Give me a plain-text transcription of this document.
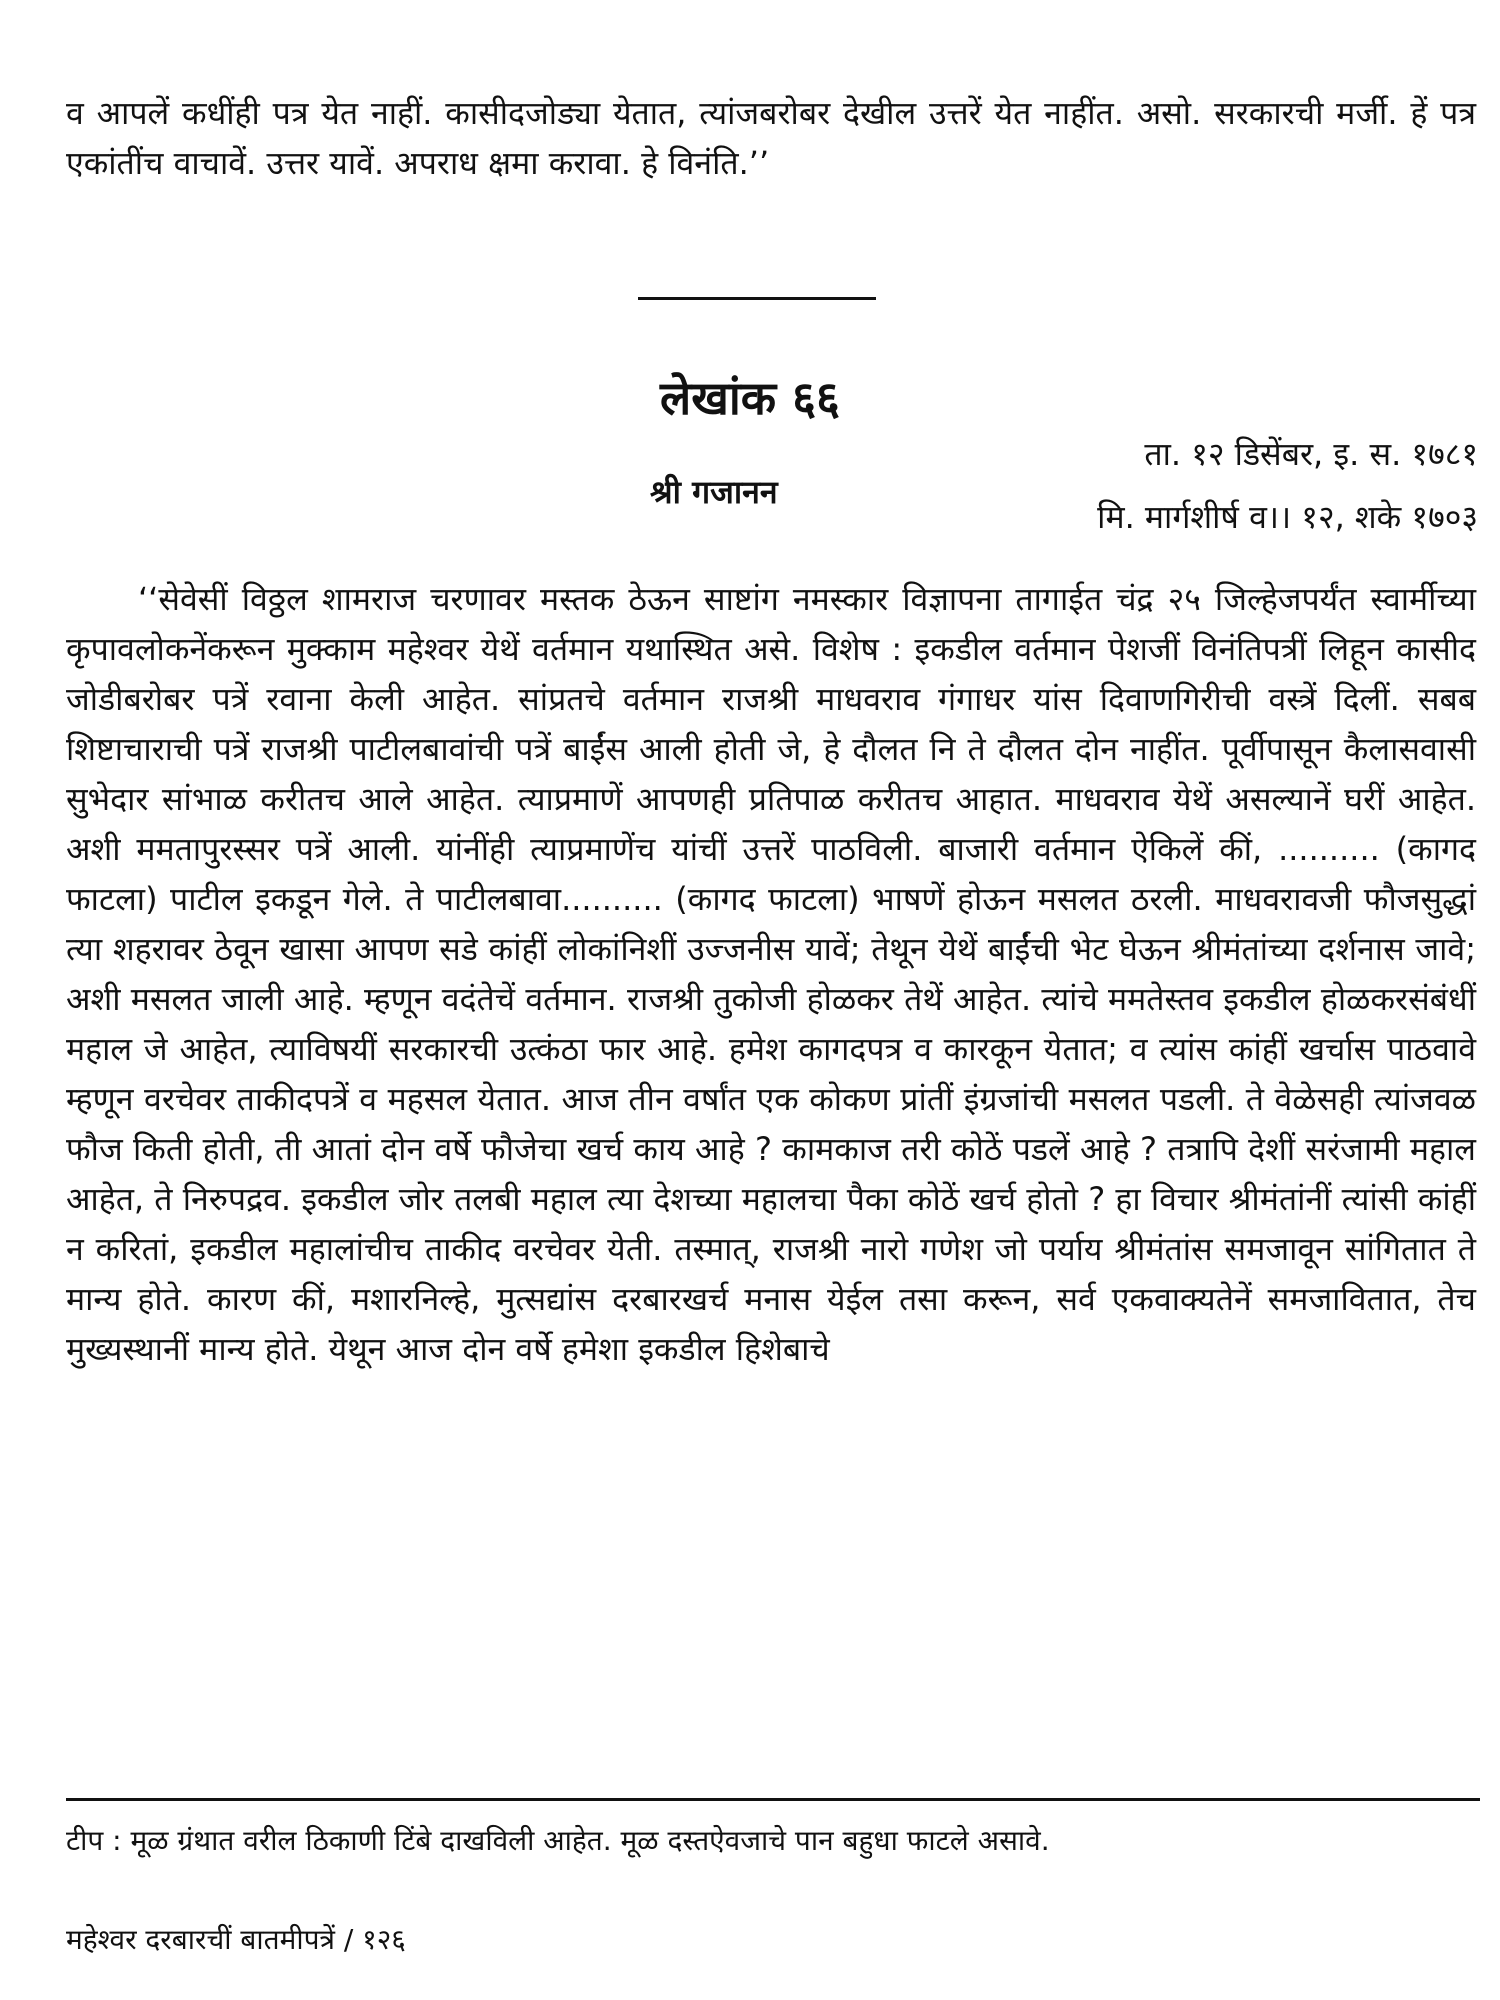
व आपलें कधींही पत्र येत नाहीं. कासीदजोड्या येतात, त्यांजबरोबर देखील उत्तरें येत नाहींत. असो. सरकारची मर्जी. हें पत्र एकांतींच वाचावें. उत्तर यावें. अपराध क्षमा करावा. हे विनंति.’’

लेखांक ६६
ता. १२ डिसेंबर, इ. स. १७८१
श्री गजानन
मि. मार्गशीर्ष व।। १२, शके १७०३

‘‘सेवेसीं विठ्ठल शामराज चरणावर मस्तक ठेऊन साष्टांग नमस्कार विज्ञापना तागाईत चंद्र २५ जिल्हेजपर्यंत स्वार्मीच्या कृपावलोकनेंकरून मुक्काम महेश्वर येथें वर्तमान यथास्थित असे. विशेष : इकडील वर्तमान पेशजीं विनंतिपत्रीं लिहून कासीद जोडीबरोबर पत्रें रवाना केली आहेत. सांप्रतचे वर्तमान राजश्री माधवराव गंगाधर यांस दिवाणगिरीची वस्त्रें दिलीं. सबब शिष्टाचाराची पत्रें राजश्री पाटीलबावांची पत्रें बाईंस आली होती जे, हे दौलत नि ते दौलत दोन नाहींत. पूर्वीपासून कैलासवासी सुभेदार सांभाळ करीतच आले आहेत. त्याप्रमाणें आपणही प्रतिपाळ करीतच आहात. माधवराव येथें असल्यानें घरीं आहेत. अशी ममतापुरस्सर पत्रें आली. यांनींही त्याप्रमाणेंच यांचीं उत्तरें पाठविली. बाजारी वर्तमान ऐकिलें कीं, .......... (कागद फाटला) पाटील इकडून गेले. ते पाटीलबावा.......... (कागद फाटला) भाषणें होऊन मसलत ठरली. माधवरावजी फौजसुद्धां त्या शहरावर ठेवून खासा आपण सडे कांहीं लोकांनिशीं उज्जनीस यावें; तेथून येथें बाईंची भेट घेऊन श्रीमंतांच्या दर्शनास जावे; अशी मसलत जाली आहे. म्हणून वदंतेचें वर्तमान. राजश्री तुकोजी होळकर तेथें आहेत. त्यांचे ममतेस्तव इकडील होळकरसंबंधीं महाल जे आहेत, त्याविषयीं सरकारची उत्कंठा फार आहे. हमेश कागदपत्र व कारकून येतात; व त्यांस कांहीं खर्चास पाठवावे म्हणून वरचेवर ताकीदपत्रें व महसल येतात. आज तीन वर्षांत एक कोकण प्रांतीं इंग्रजांची मसलत पडली. ते वेळेसही त्यांजवळ फौज किती होती, ती आतां दोन वर्षे फौजेचा खर्च काय आहे ? कामकाज तरी कोठें पडलें आहे ? तत्रापि देशीं सरंजामी महाल आहेत, ते निरुपद्रव. इकडील जोर तलबी महाल त्या देशच्या महालचा पैका कोठें खर्च होतो ? हा विचार श्रीमंतांनीं त्यांसी कांहीं न करितां, इकडील महालांचीच ताकीद वरचेवर येती. तस्मात्, राजश्री नारो गणेश जो पर्याय श्रीमंतांस समजावून सांगितात ते मान्य होते. कारण कीं, मशारनिल्हे, मुत्सद्यांस दरबारखर्च मनास येईल तसा करून, सर्व एकवाक्यतेनें समजावितात, तेच मुख्यस्थानीं मान्य होते. येथून आज दोन वर्षे हमेशा इकडील हिशेबाचे

टीप : मूळ ग्रंथात वरील ठिकाणी टिंबे दाखविली आहेत. मूळ दस्तऐवजाचे पान बहुधा फाटले असावे.

महेश्वर दरबारचीं बातमीपत्रें / १२६
